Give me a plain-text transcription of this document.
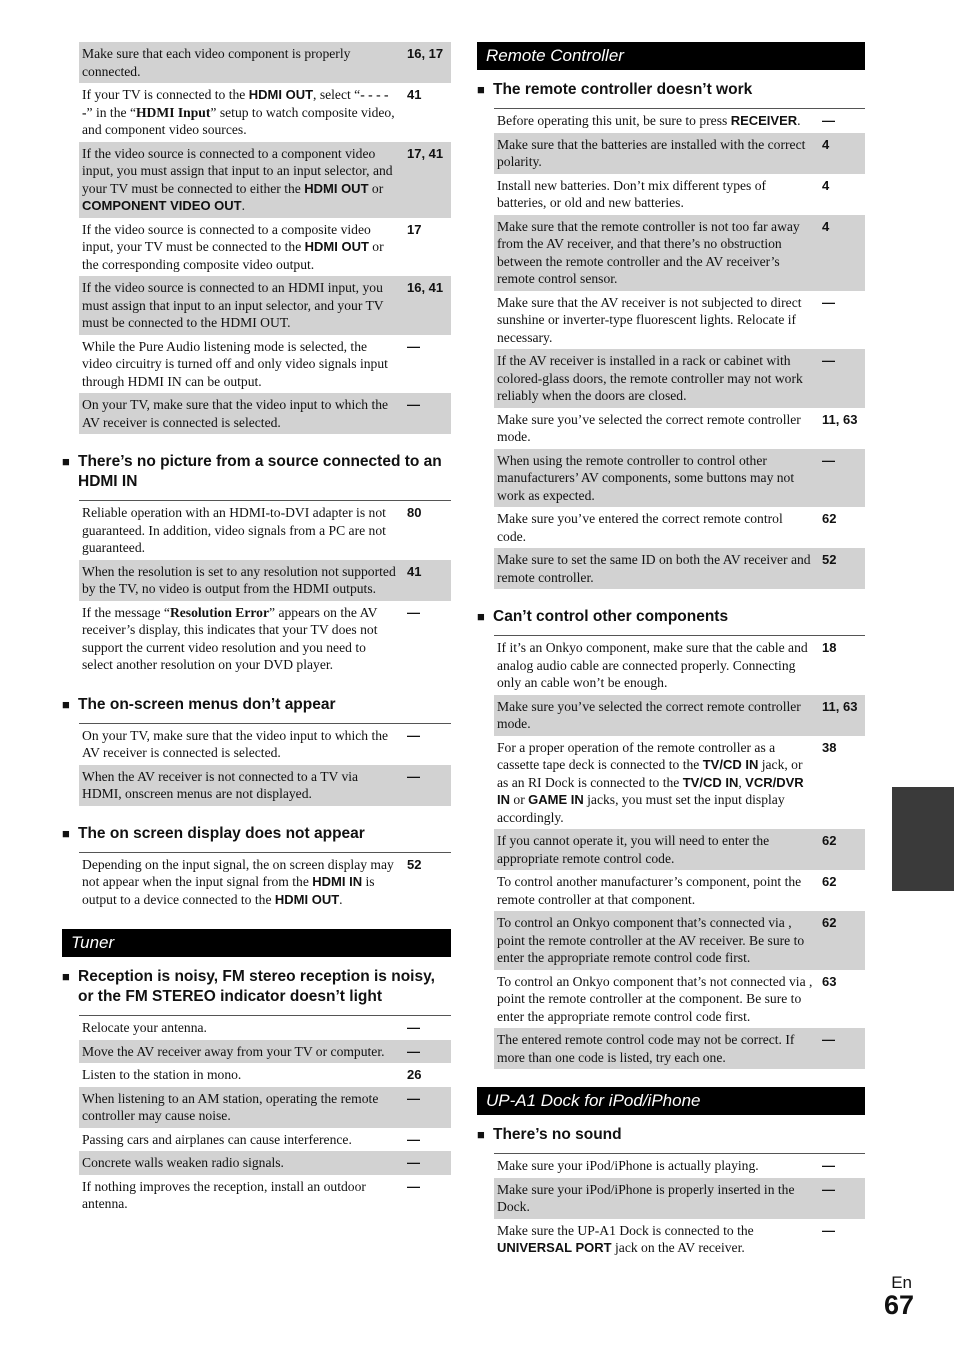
Make sure that each video component is properly connected.	16, 17
If your TV is connected to the HDMI OUT, select “- - - - -” in the “HDMI Input” setup to watch composite video, and component video sources.	41
If the video source is connected to a component video input, you must assign that input to an input selector, and your TV must be connected to either the HDMI OUT or COMPONENT VIDEO OUT.	17, 41
If the video source is connected to a composite video input, your TV must be connected to the HDMI OUT or the corresponding composite video output.	17
If the video source is connected to an HDMI input, you must assign that input to an input selector, and your TV must be connected to the HDMI OUT.	16, 41
While the Pure Audio listening mode is selected, the video circuitry is turned off and only video signals input through HDMI IN can be output.	—
On your TV, make sure that the video input to which the AV receiver is connected is selected.	—
■ There’s no picture from a source connected to an HDMI IN
Reliable operation with an HDMI-to-DVI adapter is not guaranteed. In addition, video signals from a PC are not guaranteed.	80
When the resolution is set to any resolution not supported by the TV, no video is output from the HDMI outputs.	41
If the message “Resolution Error” appears on the AV receiver’s display, this indicates that your TV does not support the current video resolution and you need to select another resolution on your DVD player.	—
■ The on-screen menus don’t appear
On your TV, make sure that the video input to which the AV receiver is connected is selected.	—
When the AV receiver is not connected to a TV via HDMI, onscreen menus are not displayed.	—
■ The on screen display does not appear
Depending on the input signal, the on screen display may not appear when the input signal from the HDMI IN is output to a device connected to the HDMI OUT.	52
Tuner
■ Reception is noisy, FM stereo reception is noisy, or the FM STEREO indicator doesn’t light
Relocate your antenna.	—
Move the AV receiver away from your TV or computer.	—
Listen to the station in mono.	26
When listening to an AM station, operating the remote controller may cause noise.	—
Passing cars and airplanes can cause interference.	—
Concrete walls weaken radio signals.	—
If nothing improves the reception, install an outdoor antenna.	—
Remote Controller
■ The remote controller doesn’t work
Before operating this unit, be sure to press RECEIVER.	—
Make sure that the batteries are installed with the correct polarity.	4
Install new batteries. Don’t mix different types of batteries, or old and new batteries.	4
Make sure that the remote controller is not too far away from the AV receiver, and that there’s no obstruction between the remote controller and the AV receiver’s remote control sensor.	4
Make sure that the AV receiver is not subjected to direct sunshine or inverter-type fluorescent lights. Relocate if necessary.	—
If the AV receiver is installed in a rack or cabinet with colored-glass doors, the remote controller may not work reliably when the doors are closed.	—
Make sure you’ve selected the correct remote controller mode.	11, 63
When using the remote controller to control other manufacturers’ AV components, some buttons may not work as expected.	—
Make sure you’ve entered the correct remote control code.	62
Make sure to set the same ID on both the AV receiver and remote controller.	52
■ Can’t control other components
If it’s an Onkyo component, make sure that the cable and analog audio cable are connected properly. Connecting only an cable won’t be enough.	18
Make sure you’ve selected the correct remote controller mode.	11, 63
For a proper operation of the remote controller as a cassette tape deck is connected to the TV/CD IN jack, or as an RI Dock is connected to the TV/CD IN, VCR/DVR IN or GAME IN jacks, you must set the input display accordingly.	38
If you cannot operate it, you will need to enter the appropriate remote control code.	62
To control another manufacturer’s component, point the remote controller at that component.	62
To control an Onkyo component that’s connected via , point the remote controller at the AV receiver. Be sure to enter the appropriate remote control code first.	62
To control an Onkyo component that’s not connected via , point the remote controller at the component. Be sure to enter the appropriate remote control code first.	63
The entered remote control code may not be correct. If more than one code is listed, try each one.	—
UP-A1 Dock for iPod/iPhone
■ There’s no sound
Make sure your iPod/iPhone is actually playing.	—
Make sure your iPod/iPhone is properly inserted in the Dock.	—
Make sure the UP-A1 Dock is connected to the UNIVERSAL PORT jack on the AV receiver.	—
En
67
